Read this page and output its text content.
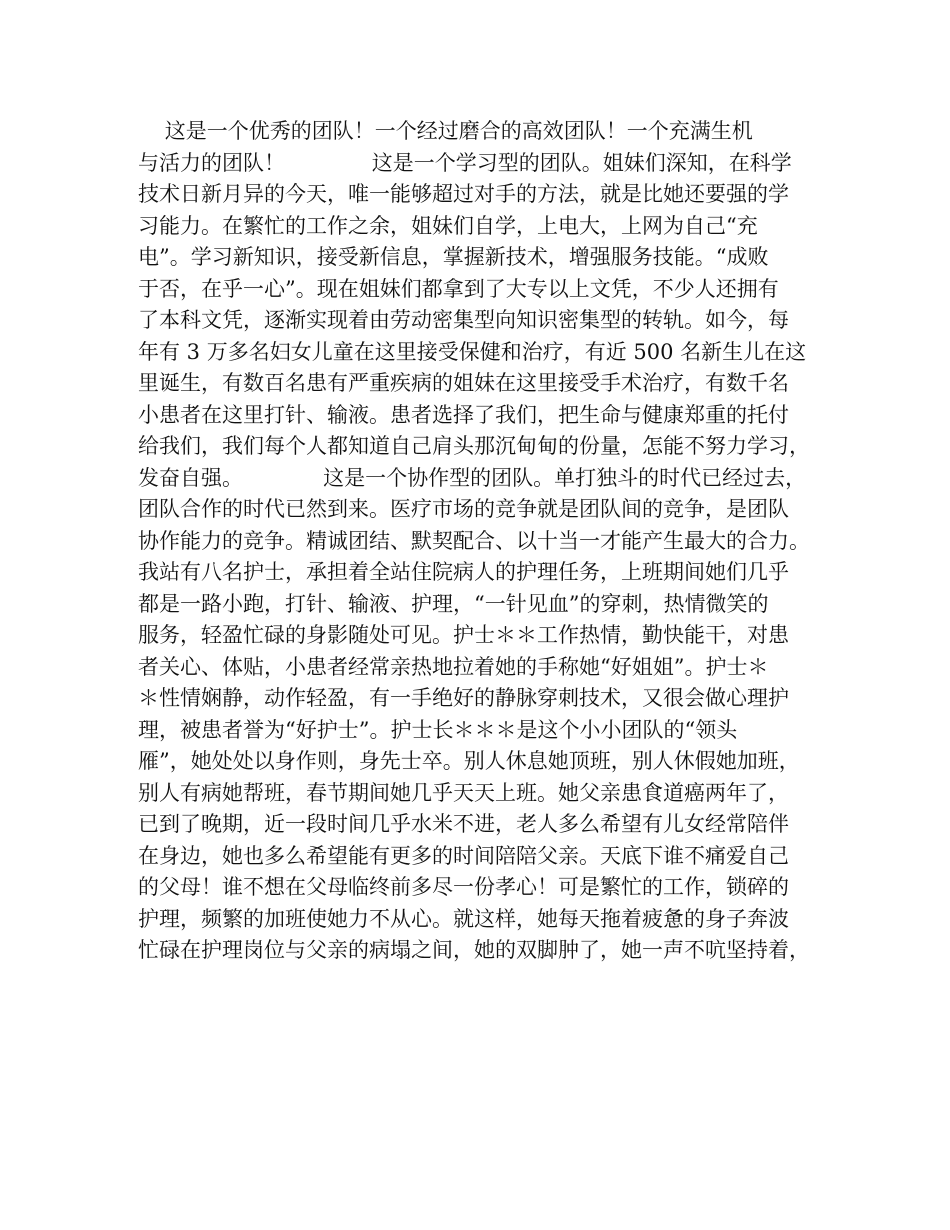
这是一个优秀的团队！一个经过磨合的高效团队！一个充满生机
与活力的团队！             这是一个学习型的团队。姐妹们深知，在科学
技术日新月异的今天，唯一能够超过对手的方法，就是比她还要强的学
习能力。在繁忙的工作之余，姐妹们自学，上电大，上网为自己“充
电”。学习新知识，接受新信息，掌握新技术，增强服务技能。“成败
于否，在乎一心”。现在姐妹们都拿到了大专以上文凭，不少人还拥有
了本科文凭，逐渐实现着由劳动密集型向知识密集型的转轨。如今，每
年有 3 万多名妇女儿童在这里接受保健和治疗，有近 500 名新生儿在这
里诞生，有数百名患有严重疾病的姐妹在这里接受手术治疗，有数千名
小患者在这里打针、输液。患者选择了我们，把生命与健康郑重的托付
给我们，我们每个人都知道自己肩头那沉甸甸的份量，怎能不努力学习，
发奋自强。            这是一个协作型的团队。单打独斗的时代已经过去，
团队合作的时代已然到来。医疗市场的竞争就是团队间的竞争，是团队
协作能力的竞争。精诚团结、默契配合、以十当一才能产生最大的合力。
我站有八名护士，承担着全站住院病人的护理任务，上班期间她们几乎
都是一路小跑，打针、输液、护理，“一针见血”的穿刺，热情微笑的
服务，轻盈忙碌的身影随处可见。护士＊＊工作热情，勤快能干，对患
者关心、体贴，小患者经常亲热地拉着她的手称她“好姐姐”。护士＊
＊性情娴静，动作轻盈，有一手绝好的静脉穿刺技术，又很会做心理护
理，被患者誉为“好护士”。护士长＊＊＊是这个小小团队的“领头
雁”，她处处以身作则，身先士卒。别人休息她顶班，别人休假她加班，
别人有病她帮班，春节期间她几乎天天上班。她父亲患食道癌两年了，
已到了晚期，近一段时间几乎水米不进，老人多么希望有儿女经常陪伴
在身边，她也多么希望能有更多的时间陪陪父亲。天底下谁不痛爱自己
的父母！谁不想在父母临终前多尽一份孝心！可是繁忙的工作，锁碎的
护理，频繁的加班使她力不从心。就这样，她每天拖着疲惫的身子奔波
忙碌在护理岗位与父亲的病塌之间，她的双脚肿了，她一声不吭坚持着，
